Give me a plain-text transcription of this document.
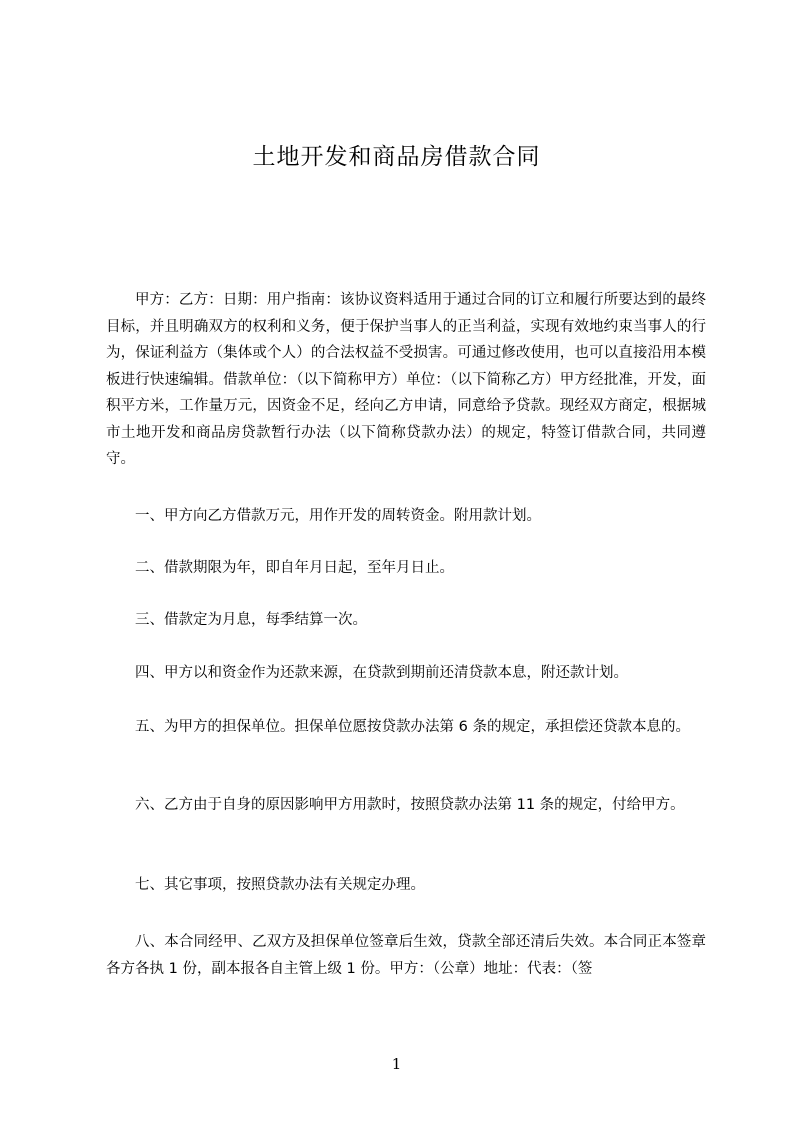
土地开发和商品房借款合同

甲方：乙方：日期：用户指南：该协议资料适用于通过合同的订立和履行所要达到的最终目标，并且明确双方的权利和义务，便于保护当事人的正当利益，实现有效地约束当事人的行为，保证利益方（集体或个人）的合法权益不受损害。可通过修改使用，也可以直接沿用本模板进行快速编辑。借款单位：（以下简称甲方）单位：（以下简称乙方）甲方经批准，开发，面积平方米，工作量万元，因资金不足，经向乙方申请，同意给予贷款。现经双方商定，根据城市土地开发和商品房贷款暂行办法（以下简称贷款办法）的规定，特签订借款合同，共同遵守。

一、甲方向乙方借款万元，用作开发的周转资金。附用款计划。

二、借款期限为年，即自年月日起，至年月日止。

三、借款定为月息，每季结算一次。

四、甲方以和资金作为还款来源，在贷款到期前还清贷款本息，附还款计划。

五、为甲方的担保单位。担保单位愿按贷款办法第 6 条的规定，承担偿还贷款本息的。

六、乙方由于自身的原因影响甲方用款时，按照贷款办法第 11 条的规定，付给甲方。

七、其它事项，按照贷款办法有关规定办理。

八、本合同经甲、乙双方及担保单位签章后生效，贷款全部还清后失效。本合同正本签章各方各执 1 份，副本报各自主管上级 1 份。甲方：（公章）地址：代表：（签

1
